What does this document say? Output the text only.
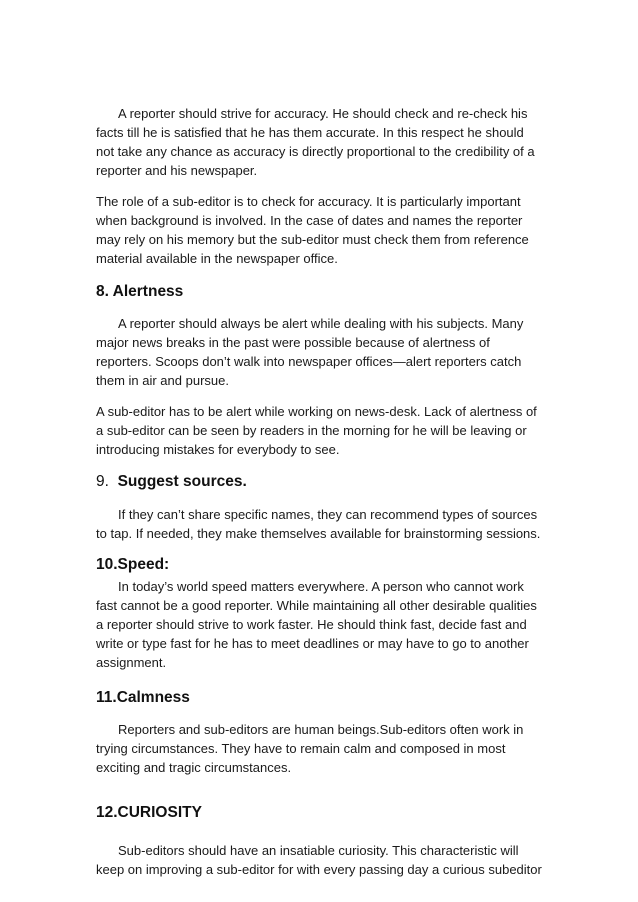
A reporter should strive for accuracy. He should check and re-check his facts till he is satisfied that he has them accurate. In this respect he should not take any chance as accuracy is directly proportional to the credibility of a reporter and his newspaper.

The role of a sub-editor is to check for accuracy. It is particularly important when background is involved. In the case of dates and names the reporter may rely on his memory but the sub-editor must check them from reference material available in the newspaper office.

8. Alertness

A reporter should always be alert while dealing with his subjects. Many major news breaks in the past were possible because of alertness of reporters. Scoops don’t walk into newspaper offices—alert reporters catch them in air and pursue.

A sub-editor has to be alert while working on news-desk. Lack of alertness of a sub-editor can be seen by readers in the morning for he will be leaving or introducing mistakes for everybody to see.

9. Suggest sources.

If they can’t share specific names, they can recommend types of sources to tap. If needed, they make themselves available for brainstorming sessions.

10.Speed:

In today’s world speed matters everywhere. A person who cannot work fast cannot be a good reporter. While maintaining all other desirable qualities a reporter should strive to work faster. He should think fast, decide fast and write or type fast for he has to meet deadlines or may have to go to another assignment.

11.Calmness

Reporters and sub-editors are human beings.Sub-editors often work in trying circumstances. They have to remain calm and composed in most exciting and tragic circumstances.

12.CURIOSITY

Sub-editors should have an insatiable curiosity. This characteristic will keep on improving a sub-editor for with every passing day a curious subeditor
